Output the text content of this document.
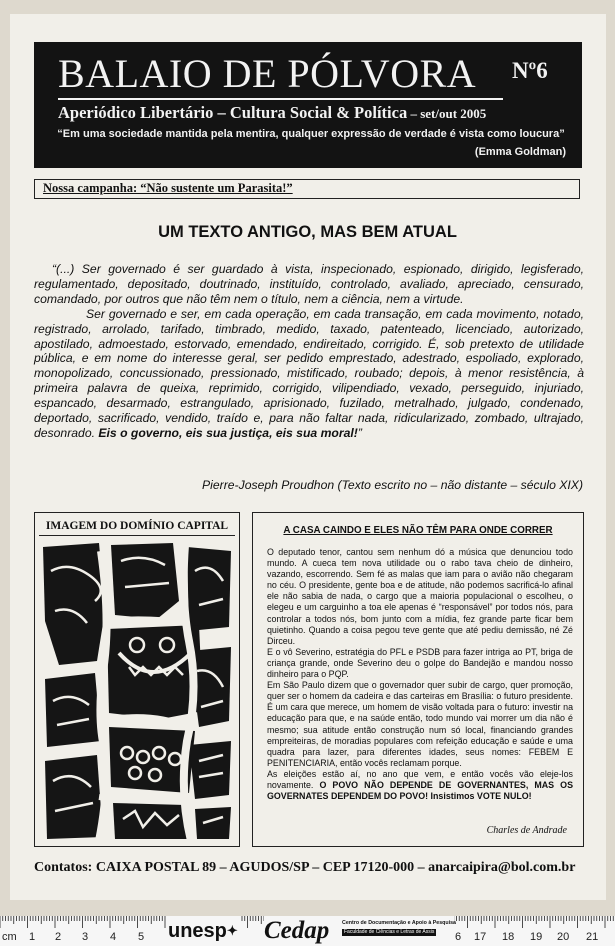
BALAIO DE PÓLVORA	Nº6
Aperiódico Libertário – Cultura Social & Política – set/out 2005
“Em uma sociedade mantida pela mentira, qualquer expressão de verdade é vista como loucura”
(Emma Goldman)
Nossa campanha: “Não sustente um Parasita!”
UM TEXTO ANTIGO, MAS BEM ATUAL

“(...) Ser governado é ser guardado à vista, inspecionado, espionado, dirigido, legisferado, regulamentado, depositado, doutrinado, instituído, controlado, avaliado, apreciado, censurado, comandado, por outros que não têm nem o título, nem a ciência, nem a virtude.

Ser governado e ser, em cada operação, em cada transação, em cada movimento, notado, registrado, arrolado, tarifado, timbrado, medido, taxado, patenteado, licenciado, autorizado, apostilado, admoestado, estorvado, emendado, endireitado, corrigido. É, sob pretexto de utilidade pública, e em nome do interesse geral, ser pedido emprestado, adestrado, espoliado, explorado, monopolizado, concussionado, pressionado, mistificado, roubado; depois, à menor resistência, à primeira palavra de queixa, reprimido, corrigido, vilipendiado, vexado, perseguido, injuriado, espancado, desarmado, estrangulado, aprisionado, fuzilado, metralhado, julgado, condenado, deportado, sacrificado, vendido, traído e, para não faltar nada, ridicularizado, zombado, ultrajado, desonrado. Eis o governo, eis sua justiça, eis sua moral!”

Pierre-Joseph Proudhon (Texto escrito no – não distante – século XIX)
IMAGEM DO DOMÍNIO CAPITAL	A CASA CAINDO E ELES NÃO TÊM PARA ONDE CORRER

O deputado tenor, cantou sem nenhum dó a música que denunciou todo mundo. A cueca tem nova utilidade ou o rabo tava cheio de dinheiro, vazando, escorrendo. Sem fé as malas que iam para o avião não chegaram no céu. O presidente, gente boa e de atitude, não podemos sacrificá-lo afinal ele não sabia de nada, o cargo que a maioria populacional o escolheu, o elegeu e um carguinho a toa ele apenas é “responsável” por todos nós, para controlar a todos nós, bom junto com a mídia, fez grande parte ficar bem quietinho. Quando a coisa pegou teve gente que até pediu demissão, né Zé Dirceu.

E o vô Severino, estratégia do PFL e PSDB para fazer intriga ao PT, briga de criança grande, onde Severino deu o golpe do Bandejão e mandou nosso dinheiro para o PQP.

Em São Paulo dizem que o governador quer subir de cargo, quer promoção, quer ser o homem da cadeira e das carteiras em Brasília: o futuro presidente. É um cara que merece, um homem de visão voltada para o futuro: investir na educação para que, e na saúde então, todo mundo vai morrer um dia não é mesmo; sua atitude então construção num só local, financiando grandes empreiteiras, de moradias populares com refeição educação e saúde e uma quadra para lazer, para diferentes idades, seus nomes: FEBEM E PENITENCIARIA, então vocês reclamam porque.

As eleições estão aí, no ano que vem, e então vocês vão eleje-los novamente. O POVO NÃO DEPENDE DE GOVERNANTES, MAS OS GOVERNATES DEPENDEM DO POVO! Insistimos VOTE NULO!

Charles de Andrade
Contatos: CAIXA POSTAL 89 – AGUDOS/SP – CEP 17120-000 – anarcaipira@bol.com.br
cm 1 2 3 4 5	6 17 18 19 20 21
unesp✦ Cedap Centro de Documentação e Apoio à Pesquisa
Faculdade de Ciências e Letras de Assis
